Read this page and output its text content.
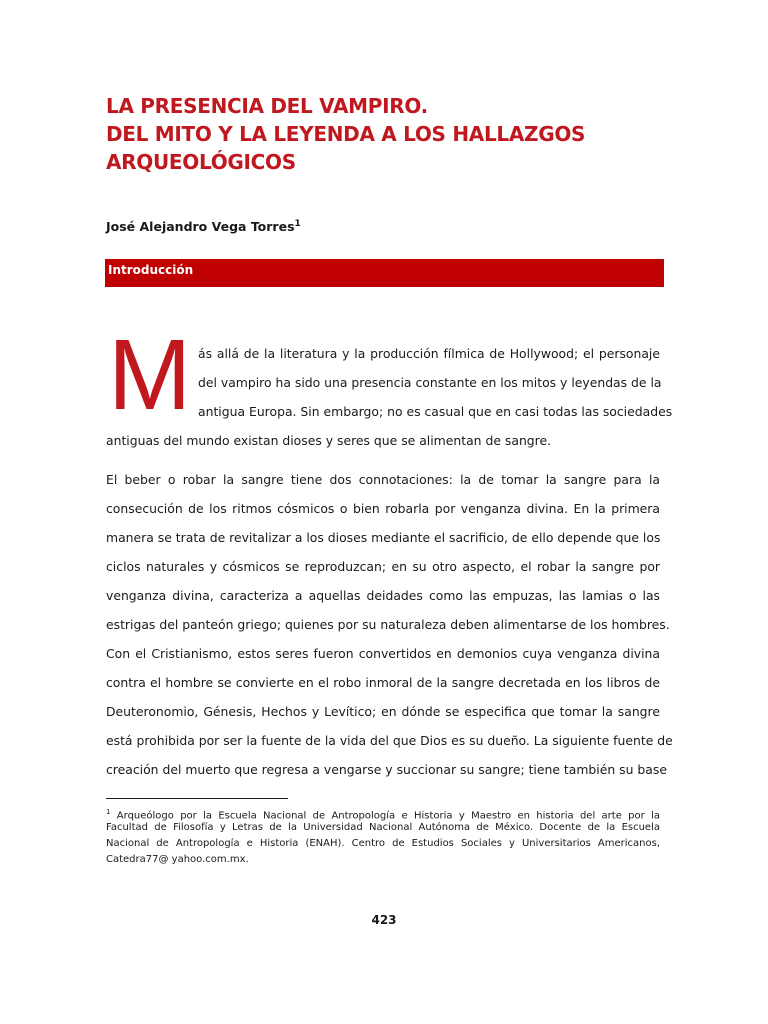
LA PRESENCIA DEL VAMPIRO.
DEL MITO Y LA LEYENDA A LOS HALLAZGOS
ARQUEOLÓGICOS
José Alejandro Vega Torres$^1$
Introducción
M ás allá de la literatura y la producción fílmica de Hollywood; el personaje
del vampiro ha sido una presencia constante en los mitos y leyendas de la
antigua Europa. Sin embargo; no es casual que en casi todas las sociedades
antiguas del mundo existan dioses y seres que se alimentan de sangre.
El beber o robar la sangre tiene dos connotaciones: la de tomar la sangre para la
consecución de los ritmos cósmicos o bien robarla por venganza divina. En la primera
manera se trata de revitalizar a los dioses mediante el sacrificio, de ello depende que los
ciclos naturales y cósmicos se reproduzcan; en su otro aspecto, el robar la sangre por
venganza divina, caracteriza a aquellas deidades como las empuzas, las lamias o las
estrigas del panteón griego; quienes por su naturaleza deben alimentarse de los hombres.
Con el Cristianismo, estos seres fueron convertidos en demonios cuya venganza divina
contra el hombre se convierte en el robo inmoral de la sangre decretada en los libros de
Deuteronomio, Génesis, Hechos y Levítico; en dónde se especifica que tomar la sangre
está prohibida por ser la fuente de la vida del que Dios es su dueño. La siguiente fuente de
creación del muerto que regresa a vengarse y succionar su sangre; tiene también su base
$^1$ Arqueólogo por la Escuela Nacional de Antropología e Historia y Maestro en historia del arte por la
Facultad de Filosofía y Letras de la Universidad Nacional Autónoma de México. Docente de la Escuela
Nacional de Antropología e Historia (ENAH). Centro de Estudios Sociales y Universitarios Americanos,
Catedra77@ yahoo.com.mx.
423
